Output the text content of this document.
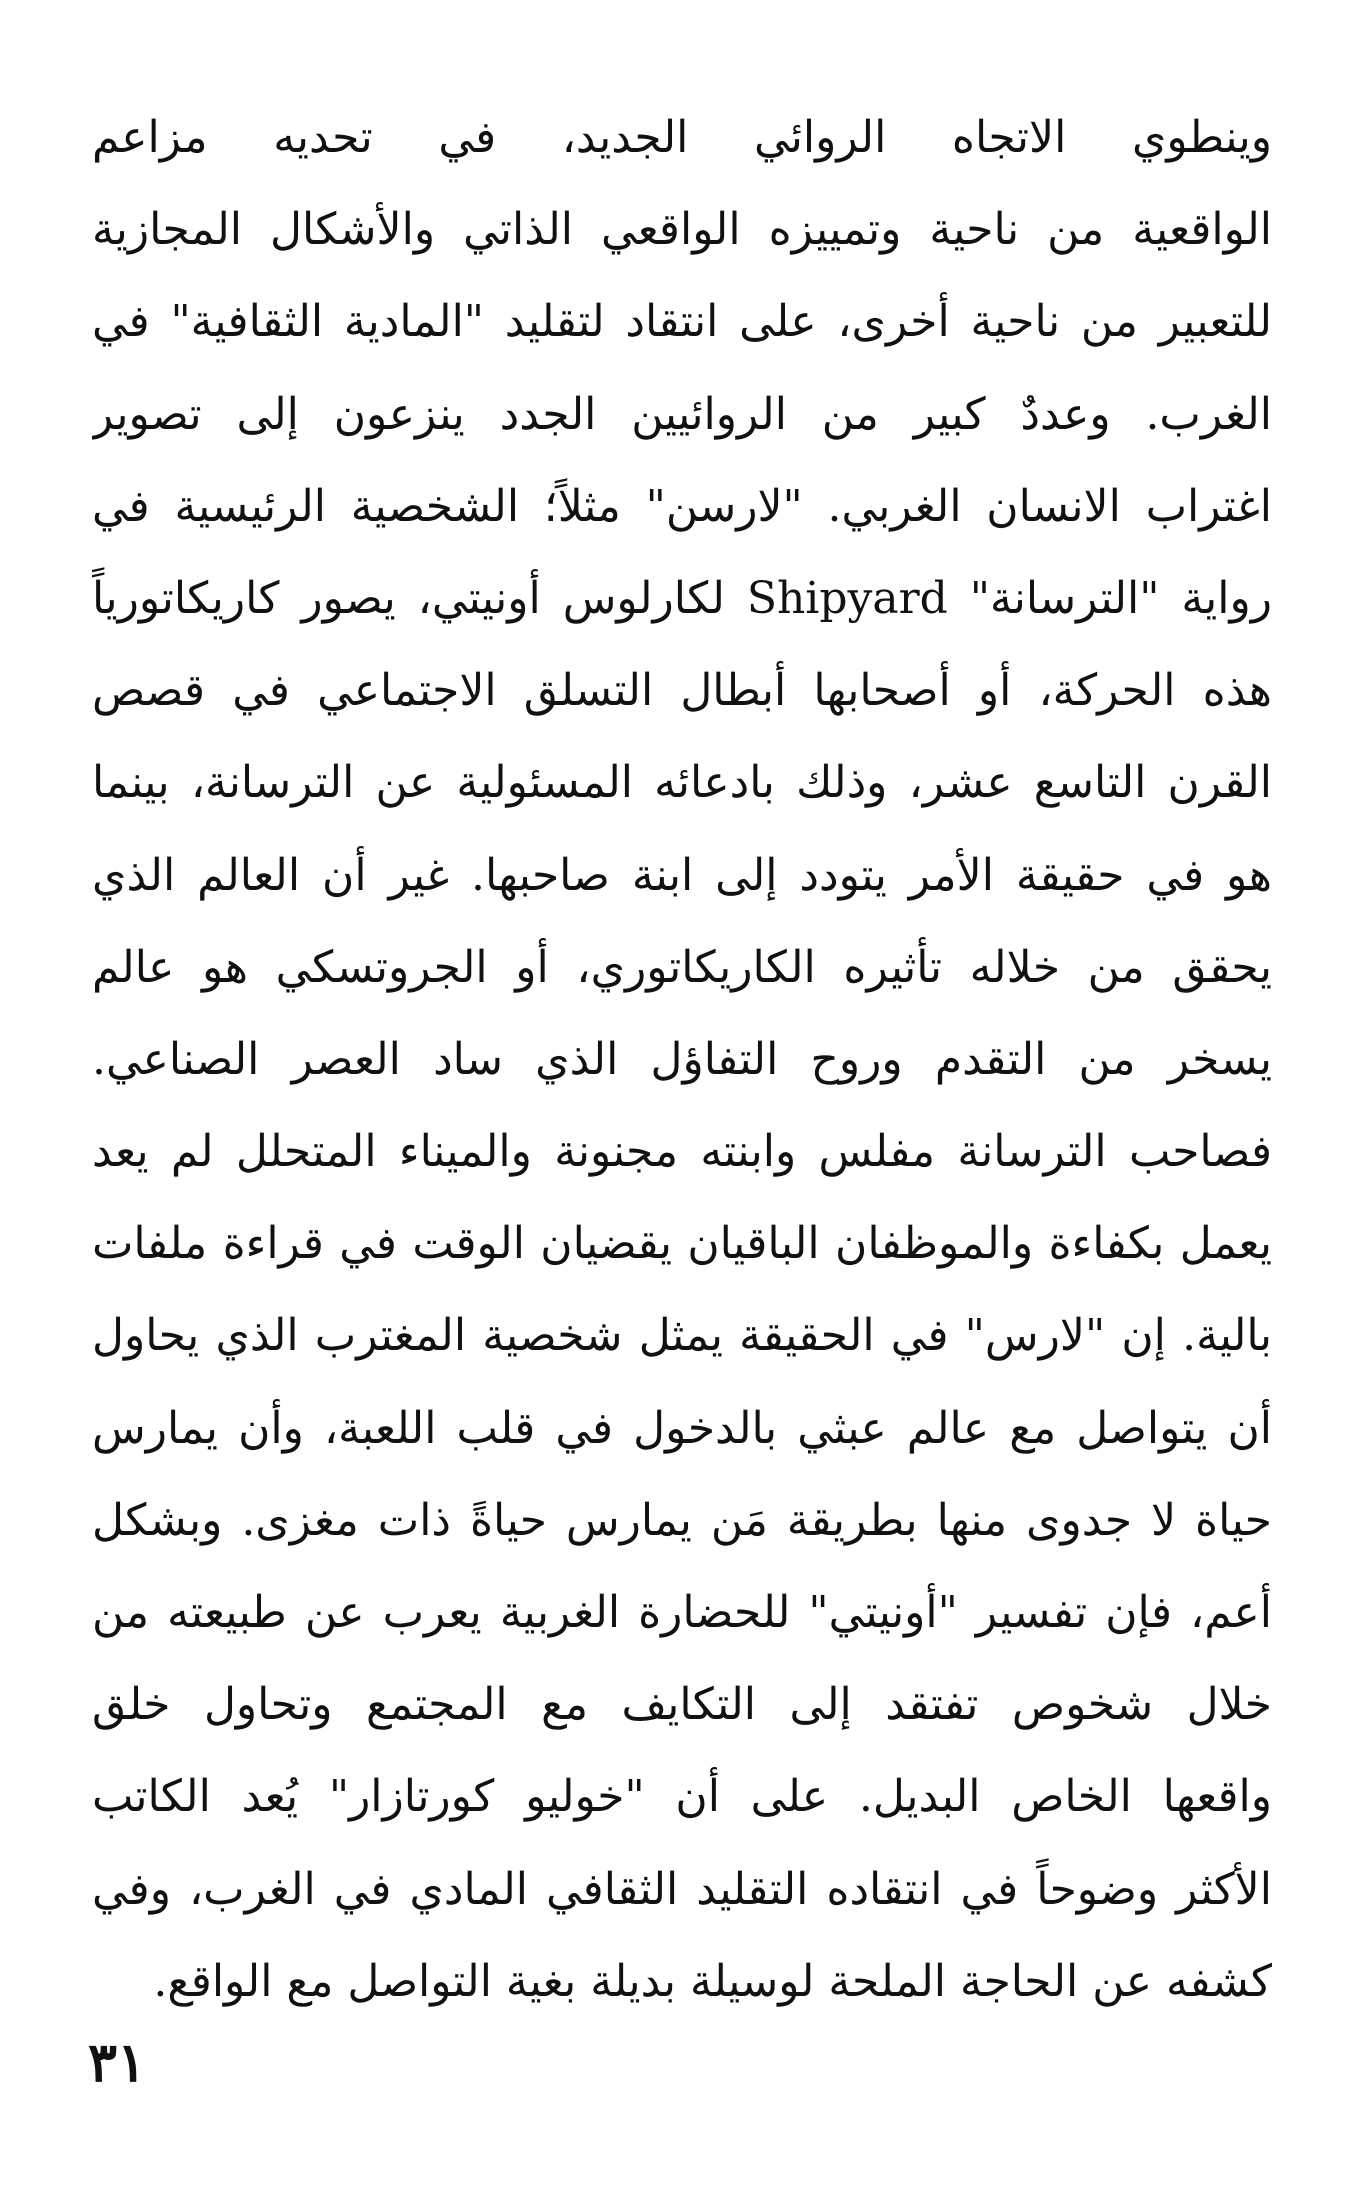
وينطوي الاتجاه الروائي الجديد، في تحديه مزاعم
الواقعية من ناحية وتمييزه الواقعي الذاتي والأشكال المجازية
للتعبير من ناحية أخرى، على انتقاد لتقليد "المادية الثقافية" في
الغرب. وعددٌ كبير من الروائيين الجدد ينزعون إلى تصوير
اغتراب الانسان الغربي. "لارسن" مثلاً؛ الشخصية الرئيسية في
رواية "الترسانة" Shipyard لكارلوس أونيتي، يصور كاريكاتورياً
هذه الحركة، أو أصحابها أبطال التسلق الاجتماعي في قصص
القرن التاسع عشر، وذلك بادعائه المسئولية عن الترسانة، بينما
هو في حقيقة الأمر يتودد إلى ابنة صاحبها. غير أن العالم الذي
يحقق من خلاله تأثيره الكاريكاتوري، أو الجروتسكي هو عالم
يسخر من التقدم وروح التفاؤل الذي ساد العصر الصناعي.
فصاحب الترسانة مفلس وابنته مجنونة والميناء المتحلل لم يعد
يعمل بكفاءة والموظفان الباقيان يقضيان الوقت في قراءة ملفات
بالية. إن "لارس" في الحقيقة يمثل شخصية المغترب الذي يحاول
أن يتواصل مع عالم عبثي بالدخول في قلب اللعبة، وأن يمارس
حياة لا جدوى منها بطريقة مَن يمارس حياةً ذات مغزى. وبشكل
أعم، فإن تفسير "أونيتي" للحضارة الغربية يعرب عن طبيعته من
خلال شخوص تفتقد إلى التكايف مع المجتمع وتحاول خلق
واقعها الخاص البديل. على أن "خوليو كورتازار" يُعد الكاتب
الأكثر وضوحاً في انتقاده التقليد الثقافي المادي في الغرب، وفي
كشفه عن الحاجة الملحة لوسيلة بديلة بغية التواصل مع الواقع.
٣١
